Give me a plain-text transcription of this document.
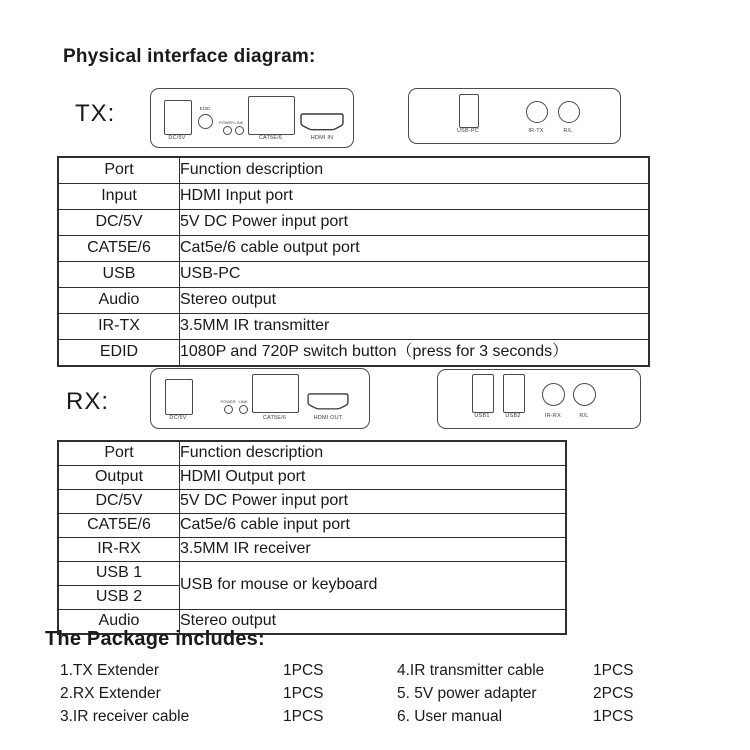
Physical interface diagram:
TX:
DC/5V
EDID
POWER LINK
CAT5E/6	HDMI IN
USB-PC	IR-TX	R/L
Port	Function description
Input	HDMI Input port
DC/5V	5V DC Power input port
CAT5E/6	Cat5e/6 cable output port
USB	USB-PC
Audio	Stereo output
IR-TX	3.5MM IR transmitter
EDID	1080P and 720P switch button（press for 3 seconds）
RX:
DC/5V
POWER LINK
CAT5E/6	HDMI OUT	USB1	USB2	IR-RX	R/L
Port	Function description
Output	HDMI Output port
DC/5V	5V DC Power input port
CAT5E/6	Cat5e/6 cable input port
IR-RX	3.5MM IR receiver
USB 1	USB for mouse or keyboard
USB 2	
Audio	Stereo output
The Package includes:
1.TX Extender	1PCS
2.RX Extender	1PCS
3.IR receiver cable	1PCS
4.IR transmitter cable	1PCS
5. 5V power adapter	2PCS
6. User manual	1PCS
